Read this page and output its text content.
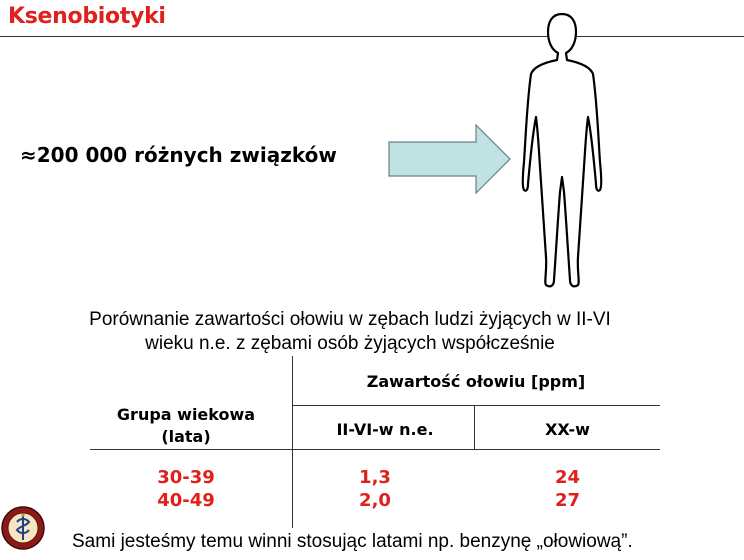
Ksenobiotyki
≈200 000 różnych związków
Porównanie zawartości ołowiu w zębach ludzi żyjących w II-VI
wieku n.e. z zębami osób żyjących współcześnie
Zawartość ołowiu [ppm]
Grupa wiekowa
(lata)	II-VI-w n.e.	XX-w
30-39	1,3	24
40-49	2,0	27
Sami jesteśmy temu winni stosując latami np. benzynę „ołowiową”.
